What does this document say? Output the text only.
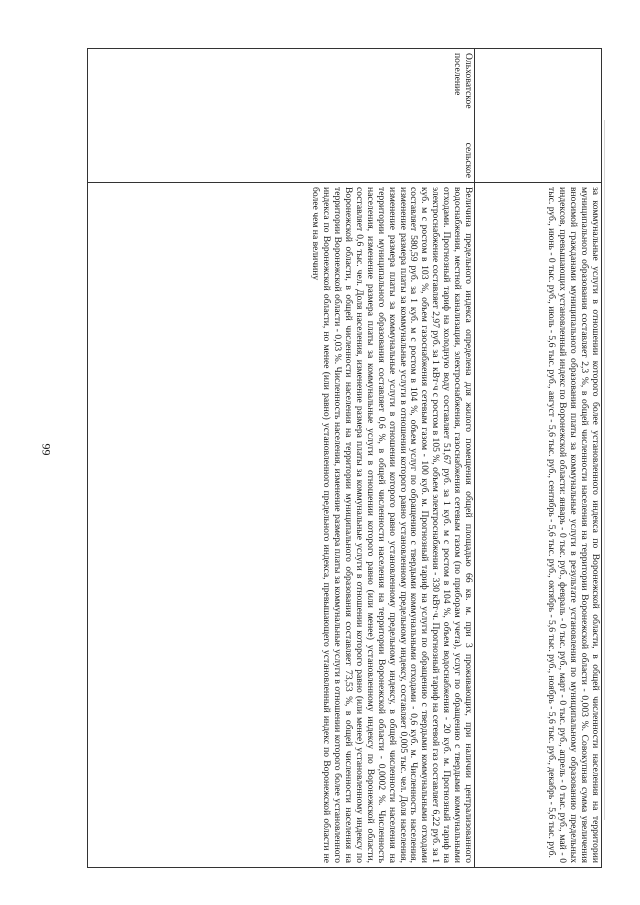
99
		за коммунальные услуги в отношении которого более установленного индекса по Воронежской области, в общей численности населения на территории муниципального образования составляет 2,3 %, в общей численности населения на территории Воронежской области - 0,003 %. Совокупная сумма увеличения вносимой гражданами муниципального образования платы за коммунальные услуги в результате установления по муниципальному образованию предельных индексов, превышающих установленный индекс по Воронежской области: январь - 0 тыс. руб., февраль - 0 тыс. руб., март - 0 тыс. руб., апрель - 0 тыс. руб., май - 0 тыс. руб., июнь - 0 тыс. руб., июль - 5,6 тыс. руб., август - 5,6 тыс. руб., сентябрь - 5,6 тыс. руб., октябрь - 5,6 тыс. руб., ноябрь - 5,6 тыс. руб., декабрь - 5,6 тыс. руб.
Ольховатское сельское поселение	Величина предельного индекса определена для жилого помещения общей площадью 66 кв. м. при 3 проживающих, при наличии централизованного водоснабжения, местной канализации, электроснабжения, газоснабжения сетевым газом (по приборам учета), услуг по обращению с твердыми коммунальными отходами. Прогнозный тариф на холодную воду составляет 51,67 руб. за 1 куб. м с ростом в 104 %, объем водоснабжения - 20 куб. м. Прогнозный тариф на электроснабжение составляет 2,97 руб. за 1 кВт·ч с ростом в 105 %, объем электроснабжения - 330 кВт·ч. Прогнозный тариф на сетевой газ составляет 6,22 руб. за 1 куб. м с ростом в 103 %, объем газоснабжения сетевым газом - 100 куб. м. Прогнозный тариф на услуги по обращению с твердыми коммунальными отходами составляет 580,59 руб. за 1 куб. м с ростом в 104 %, объем услуг по обращению с твердыми коммунальными отходами - 0,6 куб. м. Численность населения, изменение размера платы за коммунальные услуги в отношении которого равно установленному предельному индексу, составляет 0,005 тыс. чел. Доля населения, изменение размера платы за коммунальные услуги в отношении которого равно установленному предельному индексу, в общей численности населения на территории муниципального образования составляет 0,6 %, в общей численности населения на территории Воронежской области - 0,0002 %. Численность населения, изменение размера платы за коммунальные услуги в отношении которого равно (или менее) установленному индексу по Воронежской области, составляет 0,6 тыс. чел. Доля населения, изменение размера платы за коммунальные услуги в отношении которого равно (или менее) установленному индексу по Воронежской области, в общей численности населения на территории муниципального образования составляет 73,53 %, в общей численности населения на территории Воронежской области - 0,03 %. Численность населения, изменение размера платы за коммунальные услуги в отношении которого более установленного индекса по Воронежской области, но менее (или равно) установленного предельного индекса, превышающего установленный индекс по Воронежской области не более чем на величину
